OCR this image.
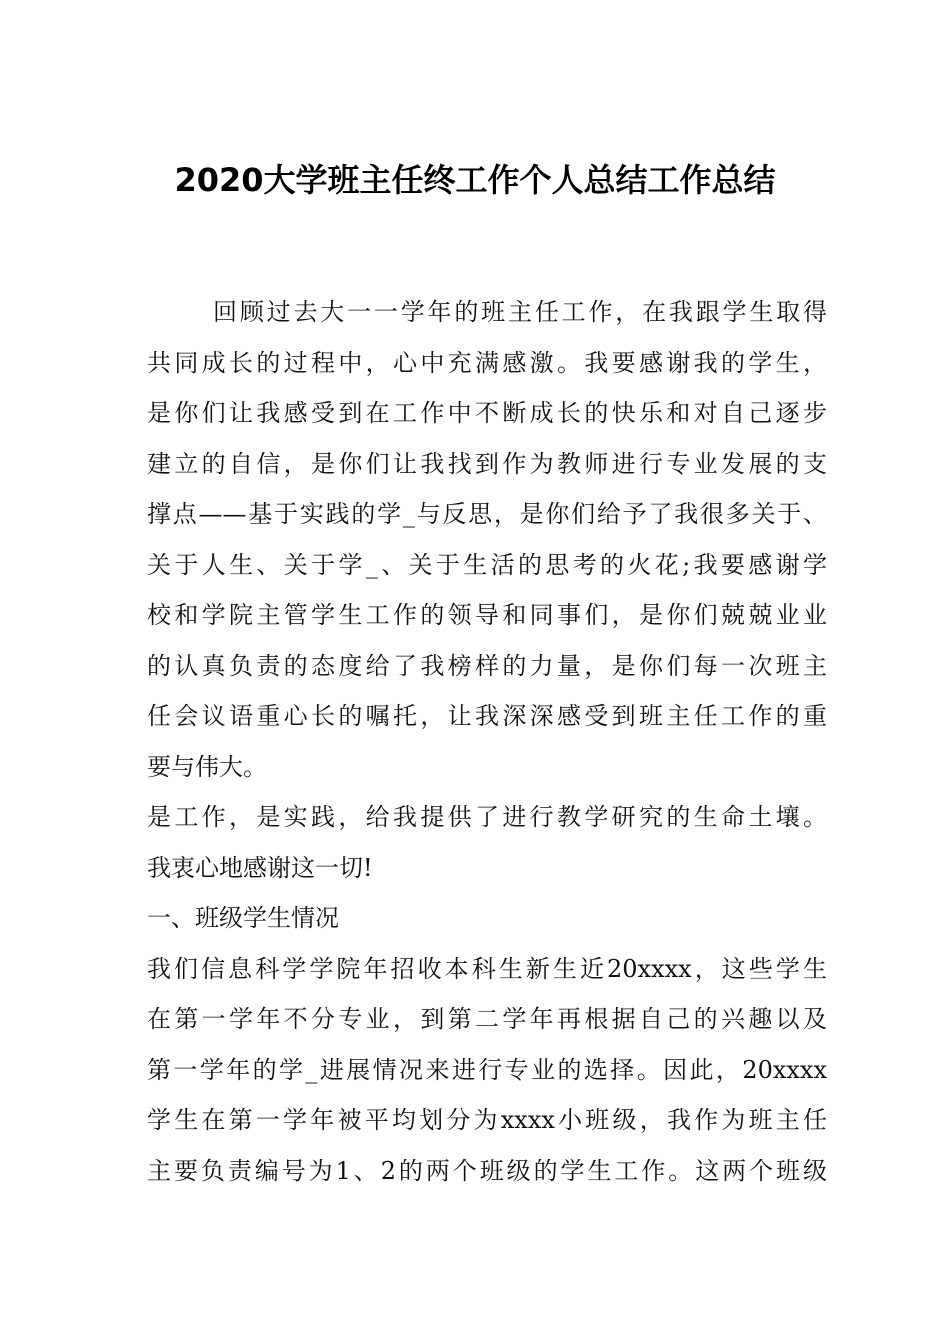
2020大学班主任终工作个人总结工作总结
回顾过去大一一学年的班主任工作，在我跟学生取得
共同成长的过程中，心中充满感激。我要感谢我的学生，
是你们让我感受到在工作中不断成长的快乐和对自己逐步
建立的自信，是你们让我找到作为教师进行专业发展的支
撑点——基于实践的学_与反思，是你们给予了我很多关于、
关于人生、关于学_、关于生活的思考的火花;我要感谢学
校和学院主管学生工作的领导和同事们，是你们兢兢业业
的认真负责的态度给了我榜样的力量，是你们每一次班主
任会议语重心长的嘱托，让我深深感受到班主任工作的重
要与伟大。
是工作，是实践，给我提供了进行教学研究的生命土壤。
我衷心地感谢这一切!
一、班级学生情况
我们信息科学学院年招收本科生新生近20xxxx，这些学生
在第一学年不分专业，到第二学年再根据自己的兴趣以及
第一学年的学_进展情况来进行专业的选择。因此，20xxxx
学生在第一学年被平均划分为xxxx小班级，我作为班主任
主要负责编号为1、2的两个班级的学生工作。这两个班级
